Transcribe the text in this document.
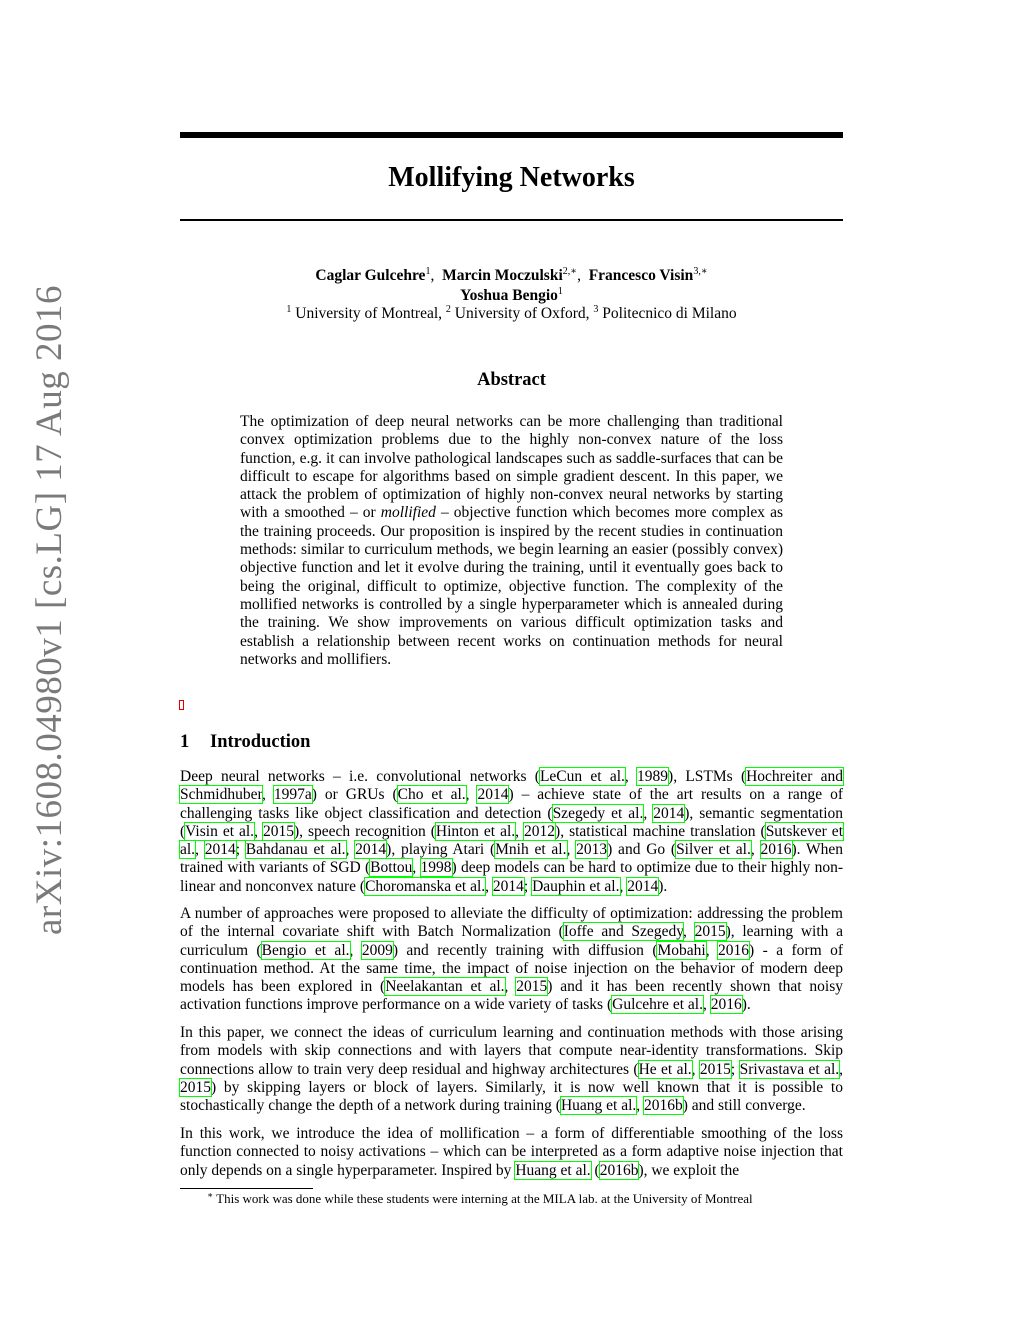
arXiv:1608.04980v1 [cs.LG] 17 Aug 2016
Mollifying Networks
Caglar Gulcehre$^1$,  Marcin Moczulski$^{2,∗}$,  Francesco Visin$^{3,∗}$
Yoshua Bengio$^1$
$^1$ University of Montreal, $^2$ University of Oxford, $^3$ Politecnico di Milano
Abstract
The optimization of deep neural networks can be more challenging than traditional convex optimization problems due to the highly non-convex nature of the loss function, e.g. it can involve pathological landscapes such as saddle-surfaces that can be difficult to escape for algorithms based on simple gradient descent. In this paper, we attack the problem of optimization of highly non-convex neural networks by starting with a smoothed – or mollified – objective function which becomes more complex as the training proceeds. Our proposition is inspired by the recent studies in continuation methods: similar to curriculum methods, we begin learning an easier (possibly convex) objective function and let it evolve during the training, until it eventually goes back to being the original, difficult to optimize, objective function. The complexity of the mollified networks is controlled by a single hyperparameter which is annealed during the training. We show improvements on various difficult optimization tasks and establish a relationship between recent works on continuation methods for neural networks and mollifiers.
1 Introduction
Deep neural networks – i.e. convolutional networks (LeCun et al., 1989), LSTMs (Hochreiter and Schmidhuber, 1997a) or GRUs (Cho et al., 2014) – achieve state of the art results on a range of challenging tasks like object classification and detection (Szegedy et al., 2014), semantic segmentation (Visin et al., 2015), speech recognition (Hinton et al., 2012), statistical machine translation (Sutskever et al., 2014; Bahdanau et al., 2014), playing Atari (Mnih et al., 2013) and Go (Silver et al., 2016). When trained with variants of SGD (Bottou, 1998) deep models can be hard to optimize due to their highly non-linear and nonconvex nature (Choromanska et al., 2014; Dauphin et al., 2014).
A number of approaches were proposed to alleviate the difficulty of optimization: addressing the problem of the internal covariate shift with Batch Normalization (Ioffe and Szegedy, 2015), learning with a curriculum (Bengio et al., 2009) and recently training with diffusion (Mobahi, 2016) - a form of continuation method. At the same time, the impact of noise injection on the behavior of modern deep models has been explored in (Neelakantan et al., 2015) and it has been recently shown that noisy activation functions improve performance on a wide variety of tasks (Gulcehre et al., 2016).
In this paper, we connect the ideas of curriculum learning and continuation methods with those arising from models with skip connections and with layers that compute near-identity transformations. Skip connections allow to train very deep residual and highway architectures (He et al., 2015; Srivastava et al., 2015) by skipping layers or block of layers. Similarly, it is now well known that it is possible to stochastically change the depth of a network during training (Huang et al., 2016b) and still converge.
In this work, we introduce the idea of mollification – a form of differentiable smoothing of the loss function connected to noisy activations – which can be interpreted as a form adaptive noise injection that only depends on a single hyperparameter. Inspired by Huang et al. (2016b), we exploit the
∗ This work was done while these students were interning at the MILA lab. at the University of Montreal
